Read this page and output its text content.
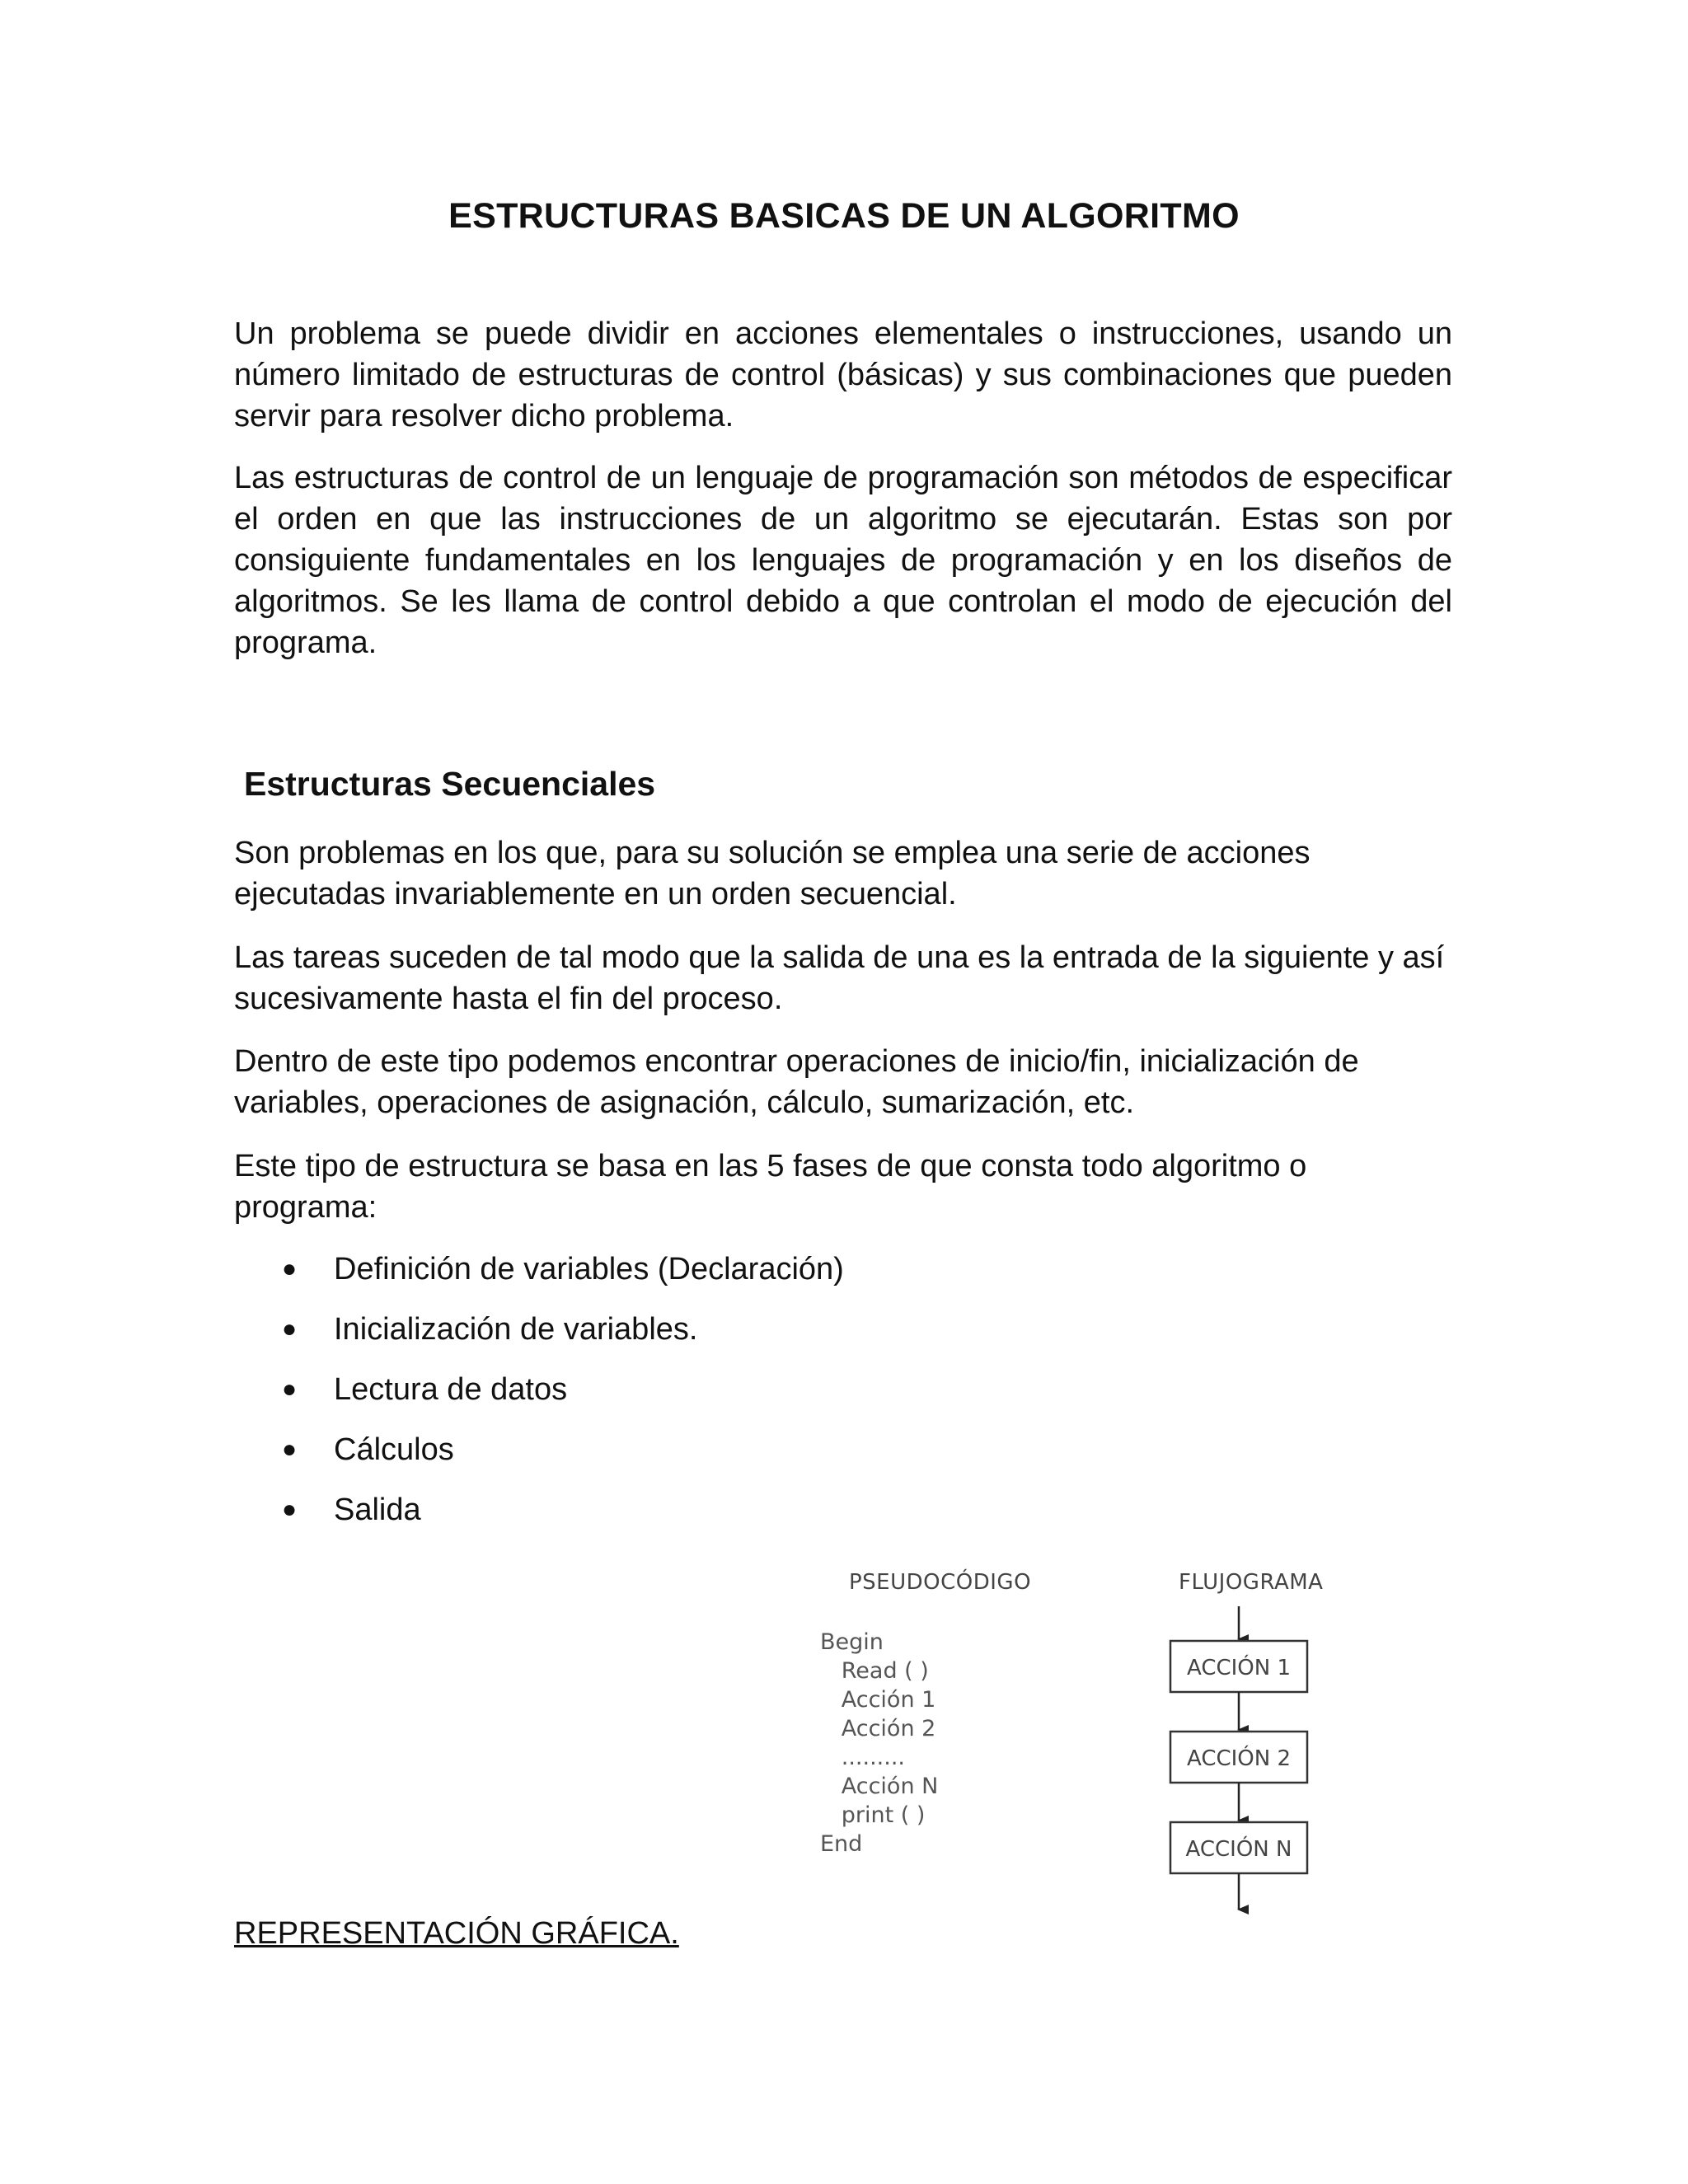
ESTRUCTURAS BASICAS DE UN ALGORITMO

Un problema se puede dividir en acciones elementales o instrucciones, usando un número limitado de estructuras de control (básicas) y sus combinaciones que pueden servir para resolver dicho problema.

Las estructuras de control de un lenguaje de programación son métodos de especificar el orden en que las instrucciones de un algoritmo se ejecutarán. Estas son por consiguiente fundamentales en los lenguajes de programación y en los diseños de algoritmos. Se les llama de control debido a que controlan el modo de ejecución del programa.

Estructuras Secuenciales

Son problemas en los que, para su solución se emplea una serie de acciones ejecutadas invariablemente en un orden secuencial.

Las tareas suceden de tal modo que la salida de una es la entrada de la siguiente y así sucesivamente hasta el fin del proceso.

Dentro de este tipo podemos encontrar operaciones de inicio/fin, inicialización de variables, operaciones de asignación, cálculo, sumarización, etc.

Este tipo de estructura se basa en las 5 fases de que consta todo algoritmo o programa:

● Definición de variables (Declaración)
● Inicialización de variables.
● Lectura de datos
● Cálculos
● Salida
PSEUDOCÓDIGO	FLUJOGRAMA
Begin
Read ( )
Acción 1
Acción 2
.........
Acción N
print ( )
End
ACCIÓN 1
ACCIÓN 2
ACCIÓN N
REPRESENTACIÓN GRÁFICA.
